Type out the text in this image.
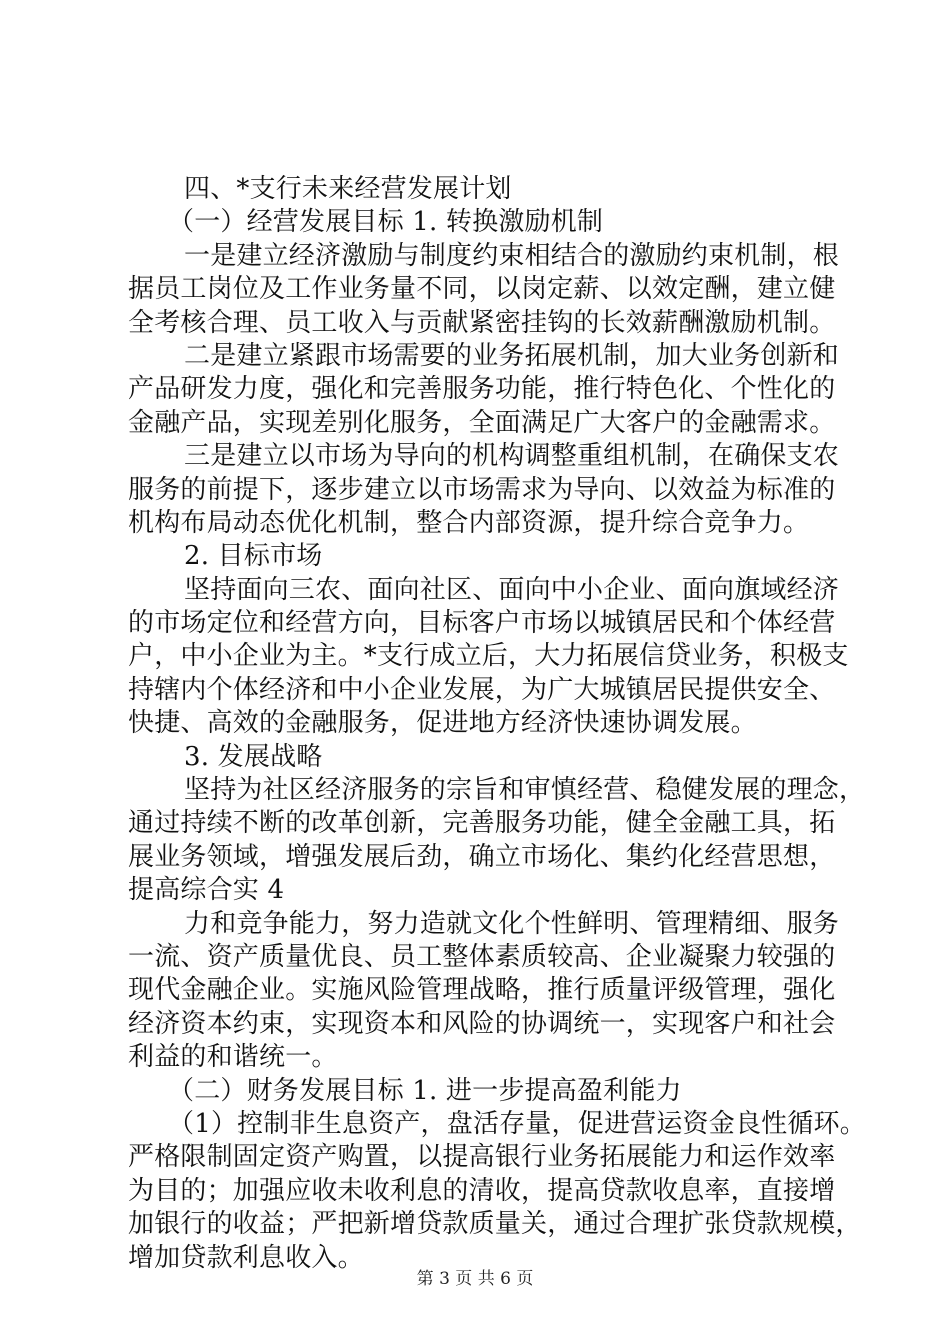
四、*支行未来经营发展计划
（一）经营发展目标 1. 转换激励机制
一是建立经济激励与制度约束相结合的激励约束机制，根
据员工岗位及工作业务量不同，以岗定薪、以效定酬，建立健
全考核合理、员工收入与贡献紧密挂钩的长效薪酬激励机制。
二是建立紧跟市场需要的业务拓展机制，加大业务创新和
产品研发力度，强化和完善服务功能，推行特色化、个性化的
金融产品，实现差别化服务，全面满足广大客户的金融需求。
三是建立以市场为导向的机构调整重组机制，在确保支农
服务的前提下，逐步建立以市场需求为导向、以效益为标准的
机构布局动态优化机制，整合内部资源，提升综合竞争力。
2. 目标市场
坚持面向三农、面向社区、面向中小企业、面向旗域经济
的市场定位和经营方向，目标客户市场以城镇居民和个体经营
户，中小企业为主。*支行成立后，大力拓展信贷业务，积极支
持辖内个体经济和中小企业发展，为广大城镇居民提供安全、
快捷、高效的金融服务，促进地方经济快速协调发展。
3. 发展战略
坚持为社区经济服务的宗旨和审慎经营、稳健发展的理念，
通过持续不断的改革创新，完善服务功能，健全金融工具，拓
展业务领域，增强发展后劲，确立市场化、集约化经营思想，
提高综合实 4
力和竞争能力，努力造就文化个性鲜明、管理精细、服务
一流、资产质量优良、员工整体素质较高、企业凝聚力较强的
现代金融企业。实施风险管理战略，推行质量评级管理，强化
经济资本约束，实现资本和风险的协调统一，实现客户和社会
利益的和谐统一。
（二）财务发展目标 1. 进一步提高盈利能力
（1）控制非生息资产，盘活存量，促进营运资金良性循环。
严格限制固定资产购置，以提高银行业务拓展能力和运作效率
为目的；加强应收未收利息的清收，提高贷款收息率，直接增
加银行的收益；严把新增贷款质量关，通过合理扩张贷款规模，
增加贷款利息收入。
第 3 页 共 6 页
